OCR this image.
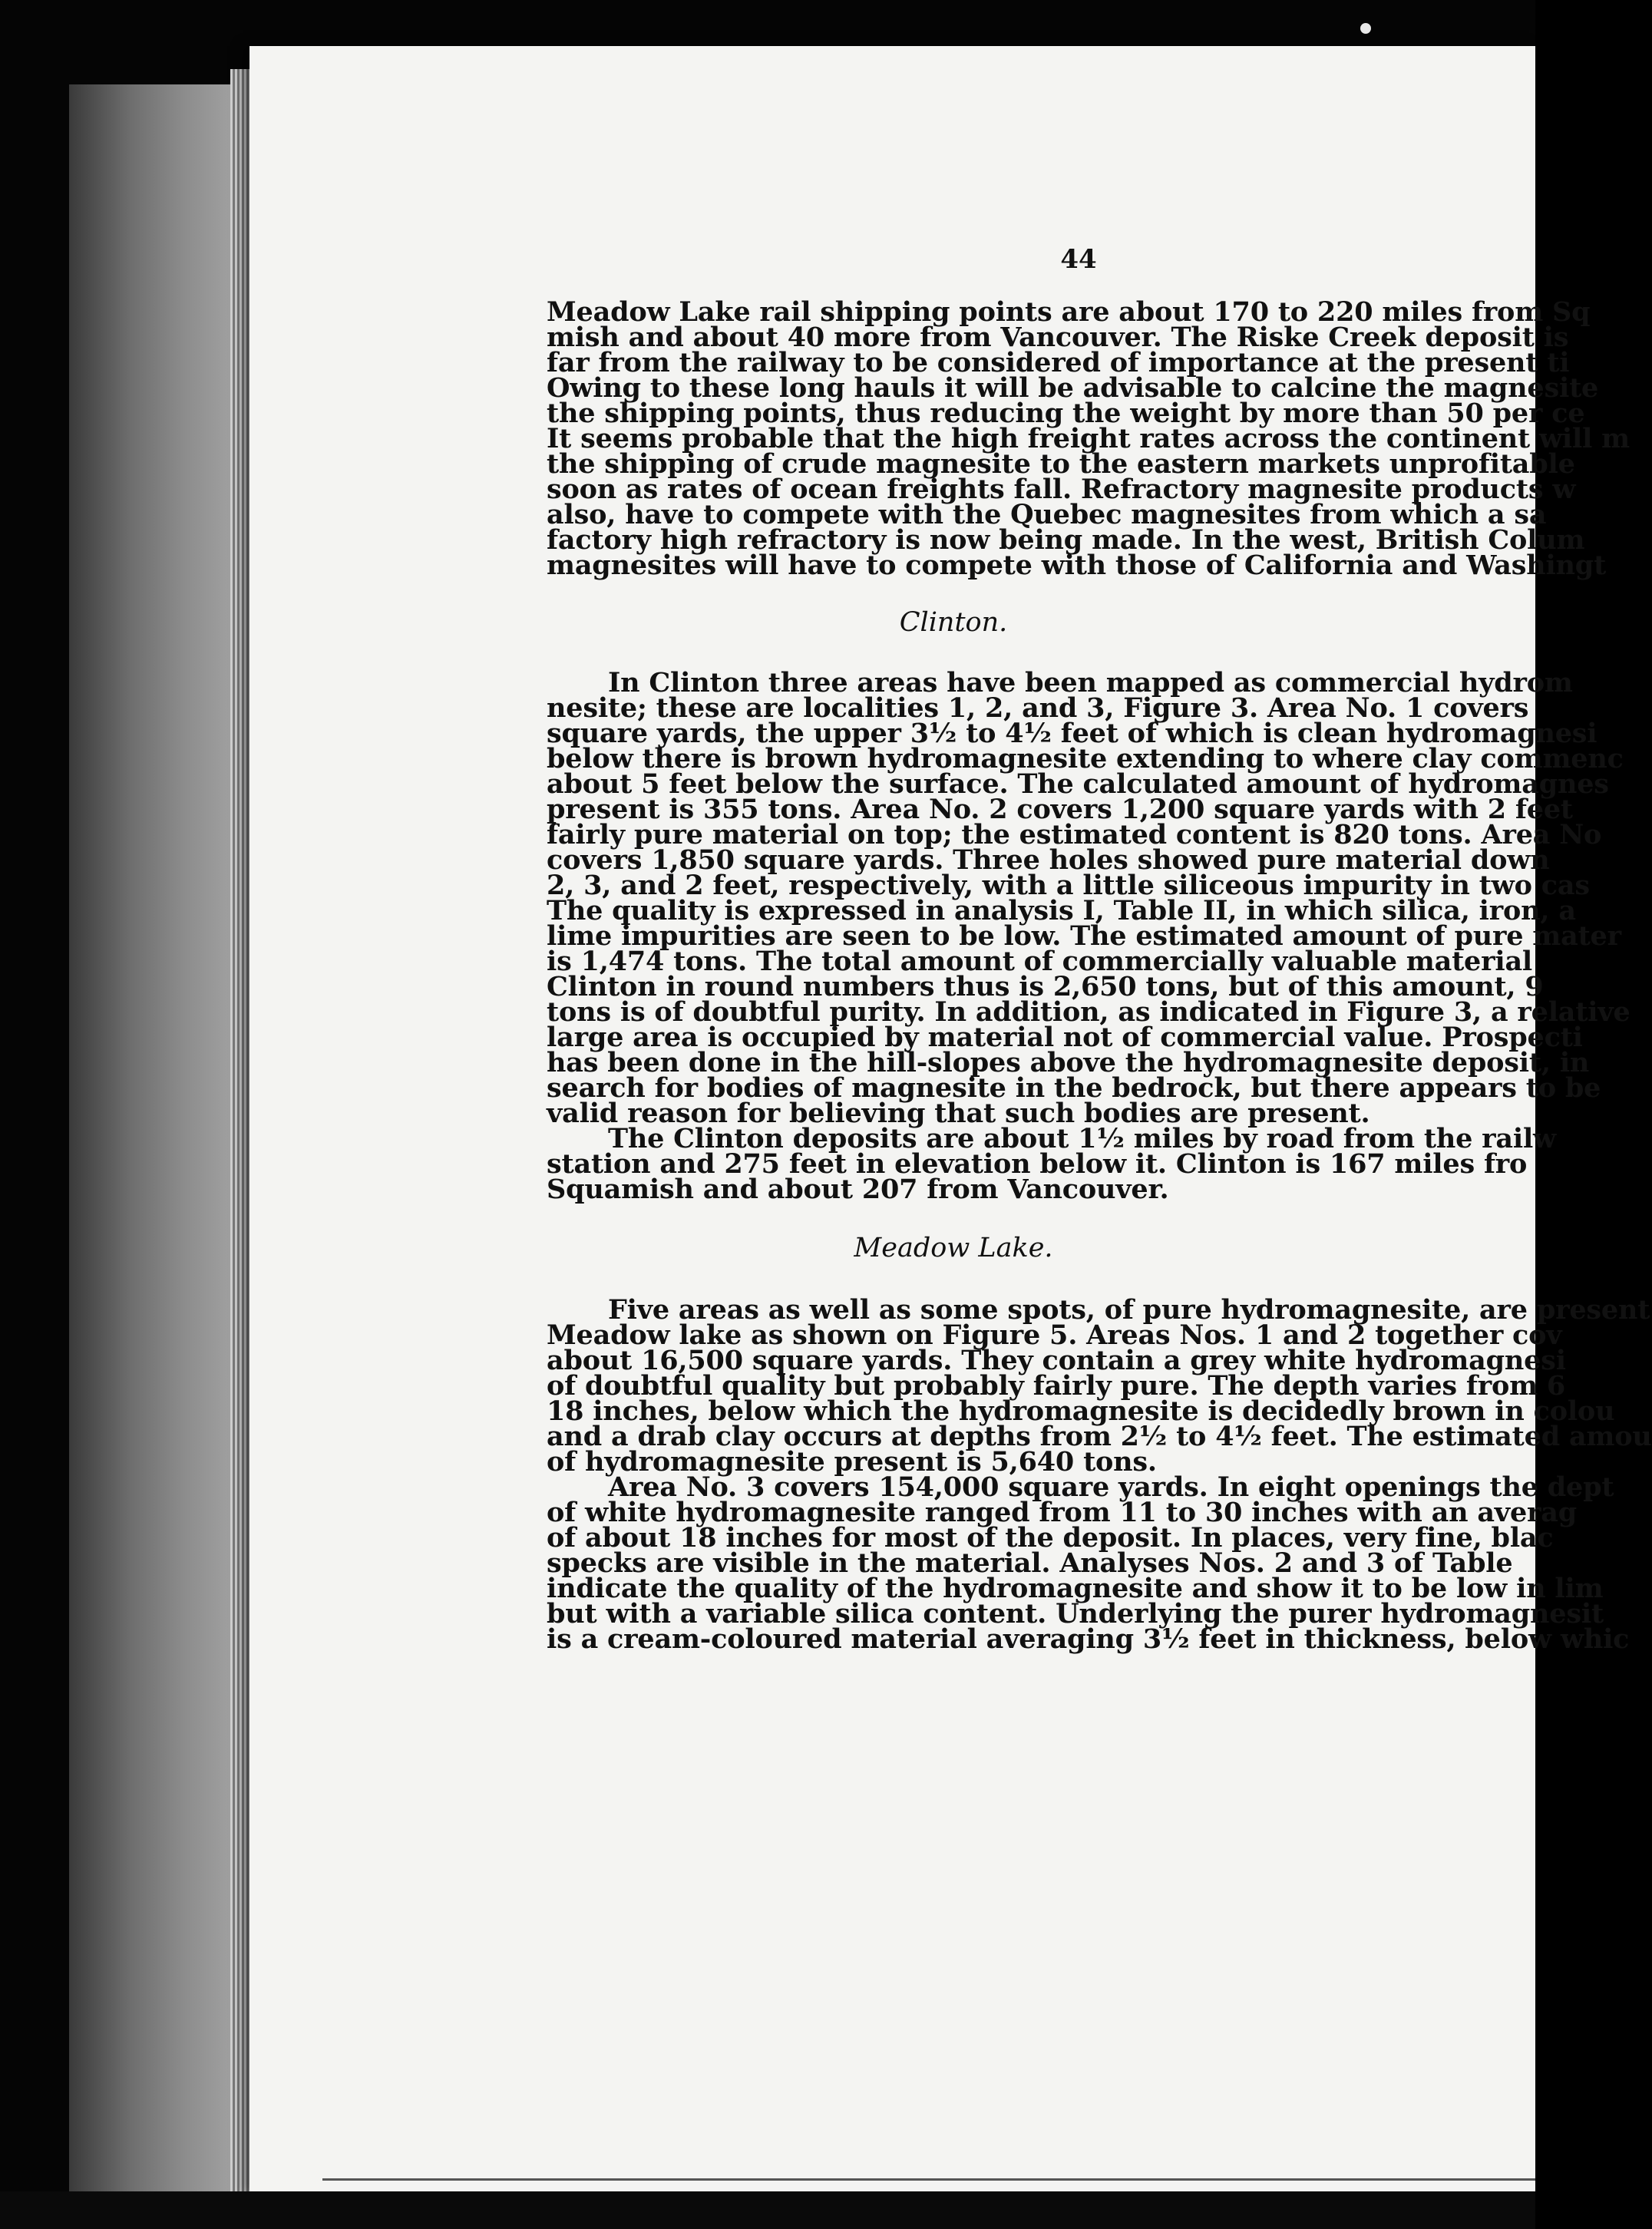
44
Meadow Lake rail shipping points are about 170 to 220 miles from Sq
mish and about 40 more from Vancouver. The Riske Creek deposit is
far from the railway to be considered of importance at the present ti
Owing to these long hauls it will be advisable to calcine the magnesite
the shipping points, thus reducing the weight by more than 50 per ce
It seems probable that the high freight rates across the continent will m
the shipping of crude magnesite to the eastern markets unprofitable
soon as rates of ocean freights fall. Refractory magnesite products w
also, have to compete with the Quebec magnesites from which a sa
factory high refractory is now being made. In the west, British Colum
magnesites will have to compete with those of California and Washingt
Clinton.
In Clinton three areas have been mapped as commercial hydrom
nesite; these are localities 1, 2, and 3, Figure 3. Area No. 1 covers
square yards, the upper 3½ to 4½ feet of which is clean hydromagnesi
below there is brown hydromagnesite extending to where clay commenc
about 5 feet below the surface. The calculated amount of hydromagnes
present is 355 tons. Area No. 2 covers 1,200 square yards with 2 feet
fairly pure material on top; the estimated content is 820 tons. Area No
covers 1,850 square yards. Three holes showed pure material down
2, 3, and 2 feet, respectively, with a little siliceous impurity in two cas
The quality is expressed in analysis I, Table II, in which silica, iron, a
lime impurities are seen to be low. The estimated amount of pure mater
is 1,474 tons. The total amount of commercially valuable material
Clinton in round numbers thus is 2,650 tons, but of this amount, 9
tons is of doubtful purity. In addition, as indicated in Figure 3, a relative
large area is occupied by material not of commercial value. Prospecti
has been done in the hill-slopes above the hydromagnesite deposit, in
search for bodies of magnesite in the bedrock, but there appears to be
valid reason for believing that such bodies are present.
The Clinton deposits are about 1½ miles by road from the railw
station and 275 feet in elevation below it. Clinton is 167 miles fro
Squamish and about 207 from Vancouver.
Meadow Lake.
Five areas as well as some spots, of pure hydromagnesite, are present
Meadow lake as shown on Figure 5. Areas Nos. 1 and 2 together cov
about 16,500 square yards. They contain a grey white hydromagnesi
of doubtful quality but probably fairly pure. The depth varies from 6
18 inches, below which the hydromagnesite is decidedly brown in colou
and a drab clay occurs at depths from 2½ to 4½ feet. The estimated amou
of hydromagnesite present is 5,640 tons.
Area No. 3 covers 154,000 square yards. In eight openings the dept
of white hydromagnesite ranged from 11 to 30 inches with an averag
of about 18 inches for most of the deposit. In places, very fine, blac
specks are visible in the material. Analyses Nos. 2 and 3 of Table
indicate the quality of the hydromagnesite and show it to be low in lim
but with a variable silica content. Underlying the purer hydromagnesit
is a cream-coloured material averaging 3½ feet in thickness, below whic
